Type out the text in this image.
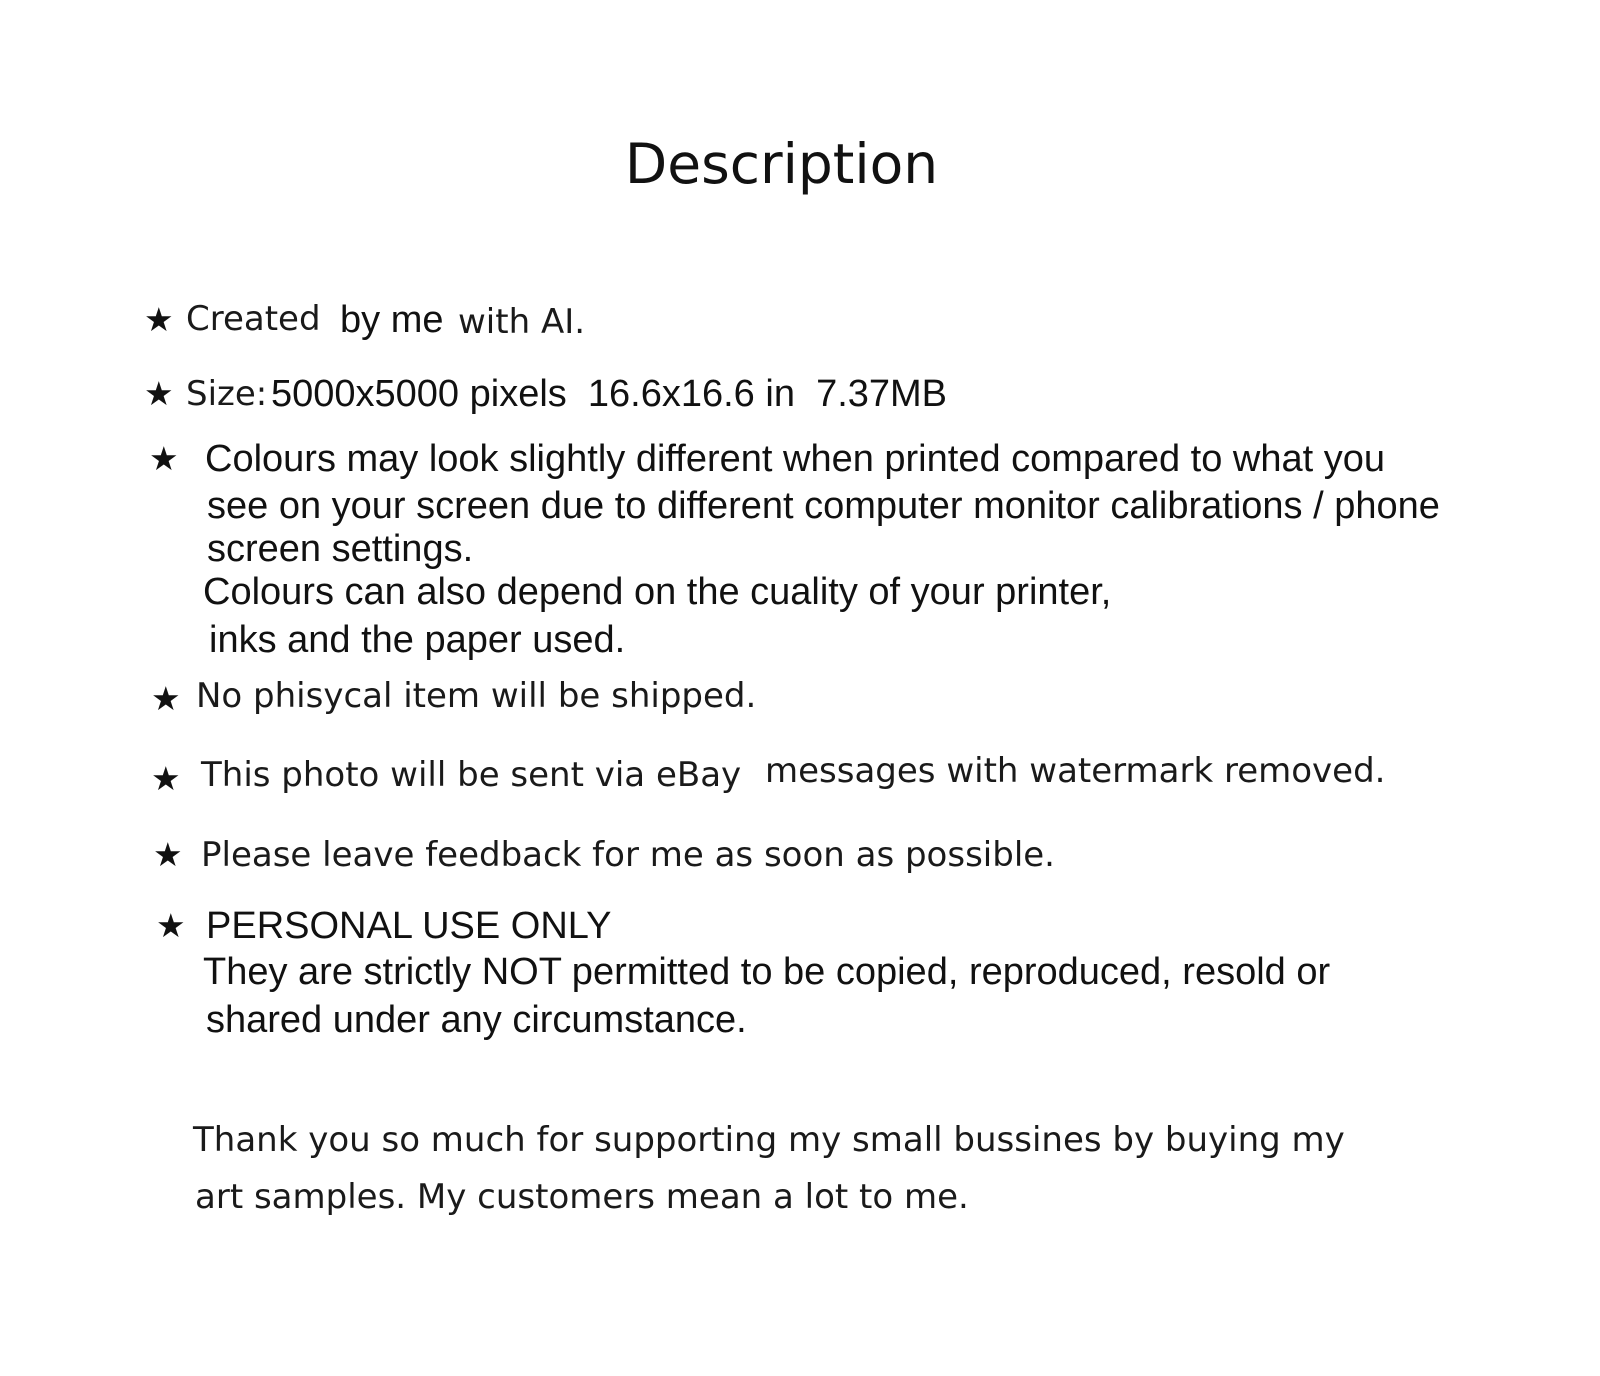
Description
★ Created by me with AI.
★ Size: 5000x5000 pixels  16.6x16.6 in  7.37MB
★ Colours may look slightly different when printed compared to what you
see on your screen due to different computer monitor calibrations / phone
screen settings.
Colours can also depend on the cuality of your printer,
inks and the paper used.
★ No phisycal item will be shipped.
★ This photo will be sent via eBay messages with watermark removed.
★ Please leave feedback for me as soon as possible.
★ PERSONAL USE ONLY
They are strictly NOT permitted to be copied, reproduced, resold or
shared under any circumstance.
Thank you so much for supporting my small bussines by buying my
art samples. My customers mean a lot to me.
